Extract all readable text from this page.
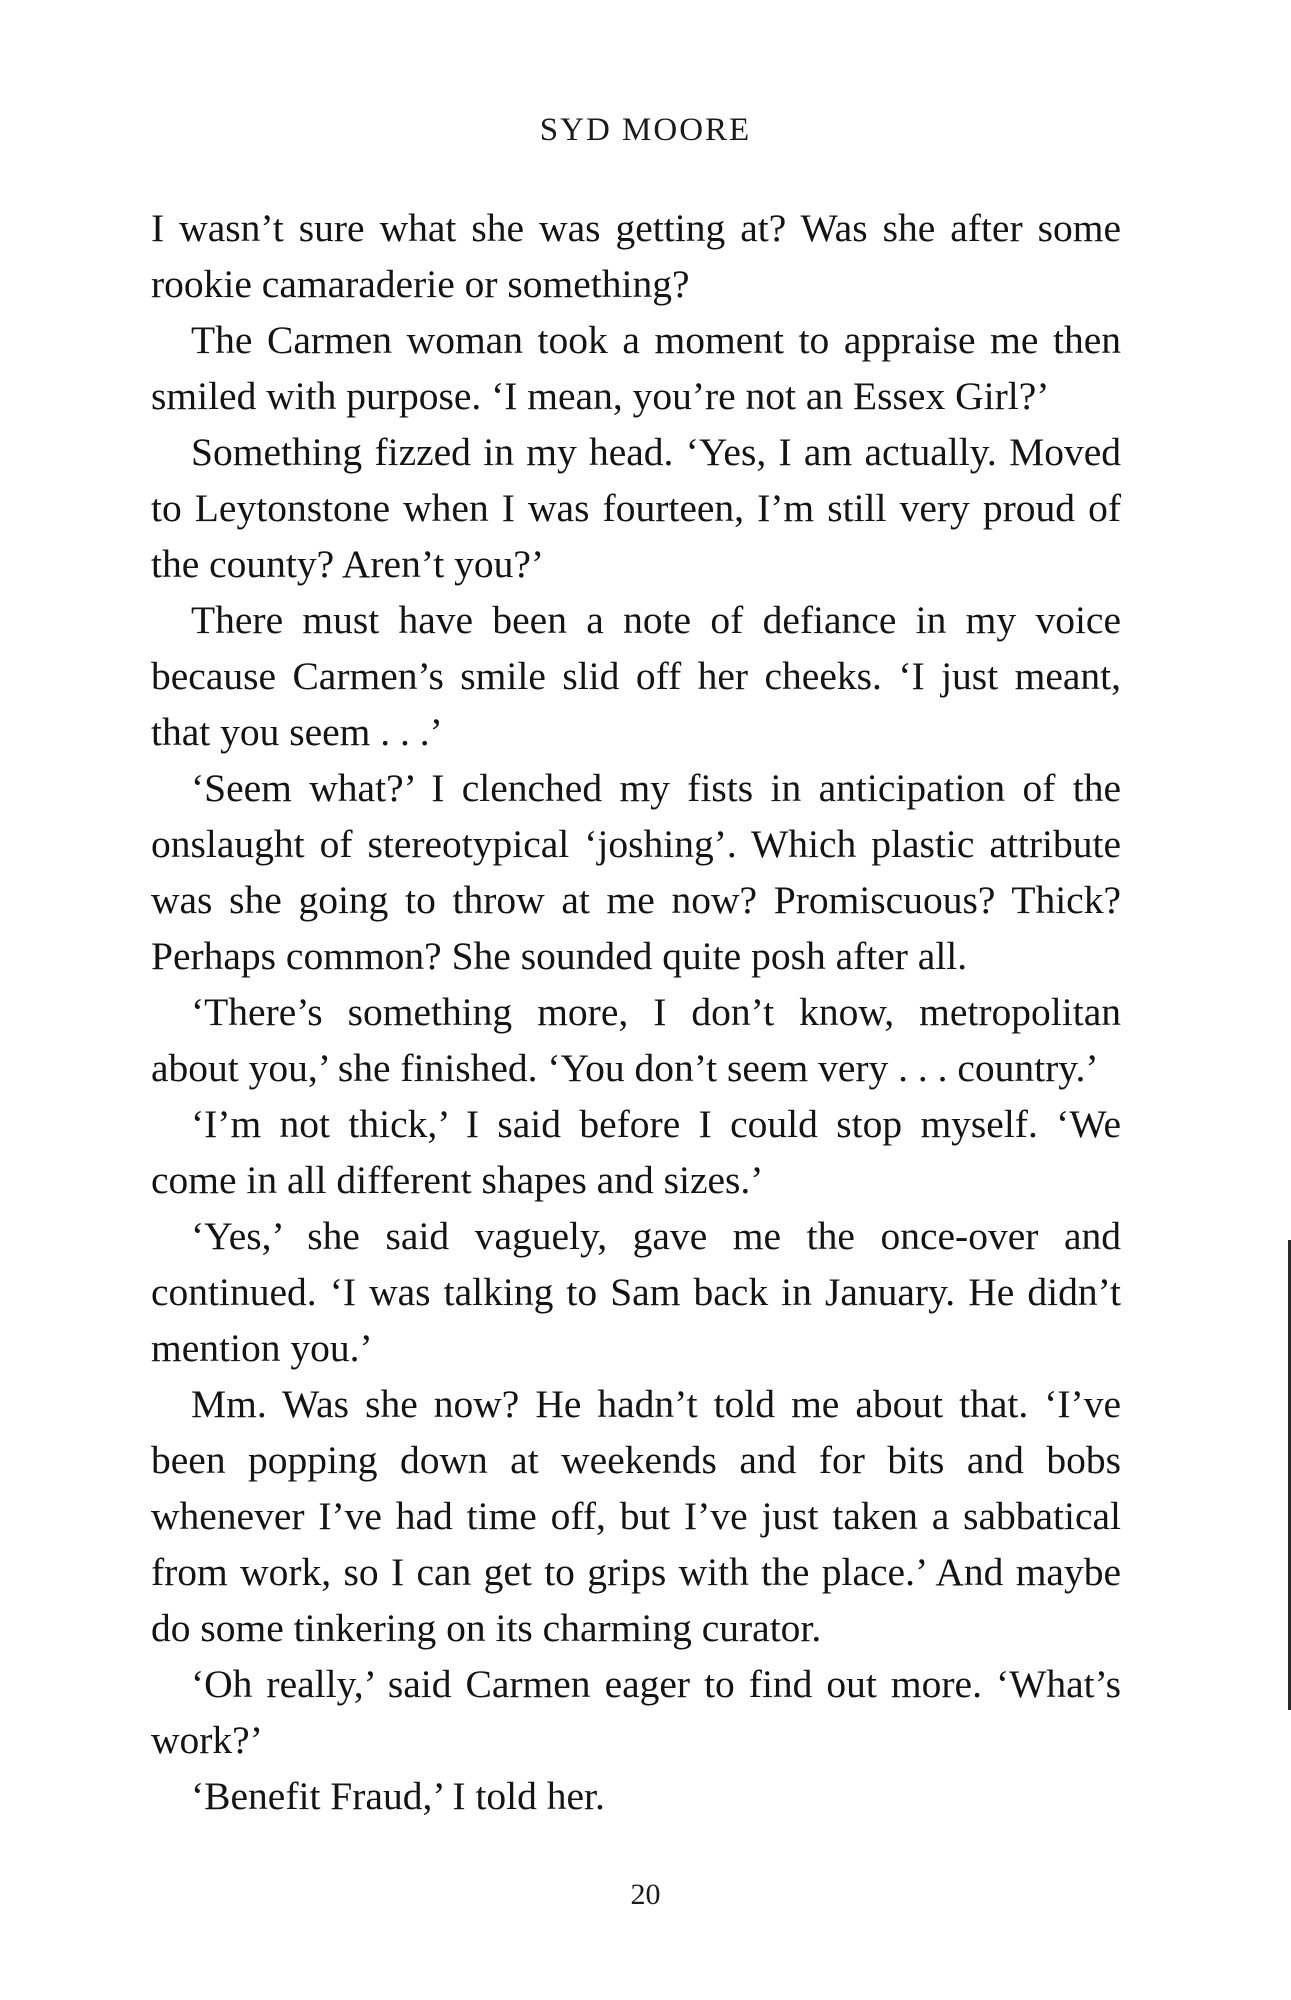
SYD MOORE

I wasn’t sure what she was getting at? Was she after some rookie camaraderie or something?

The Carmen woman took a moment to appraise me then smiled with purpose. ‘I mean, you’re not an Essex Girl?’

Something fizzed in my head. ‘Yes, I am actually. Moved to Leytonstone when I was fourteen, I’m still very proud of the county? Aren’t you?’

There must have been a note of defiance in my voice because Carmen’s smile slid off her cheeks. ‘I just meant, that you seem . . .’

‘Seem what?’ I clenched my fists in anticipation of the onslaught of stereotypical ‘joshing’. Which plastic attribute was she going to throw at me now? Promiscuous? Thick? Perhaps common? She sounded quite posh after all.

‘There’s something more, I don’t know, metropolitan about you,’ she finished. ‘You don’t seem very . . . country.’

‘I’m not thick,’ I said before I could stop myself. ‘We come in all different shapes and sizes.’

‘Yes,’ she said vaguely, gave me the once-over and continued. ‘I was talking to Sam back in January. He didn’t mention you.’

Mm. Was she now? He hadn’t told me about that. ‘I’ve been popping down at weekends and for bits and bobs whenever I’ve had time off, but I’ve just taken a sabbatical from work, so I can get to grips with the place.’ And maybe do some tinkering on its charming curator.

‘Oh really,’ said Carmen eager to find out more. ‘What’s work?’

‘Benefit Fraud,’ I told her.

20
